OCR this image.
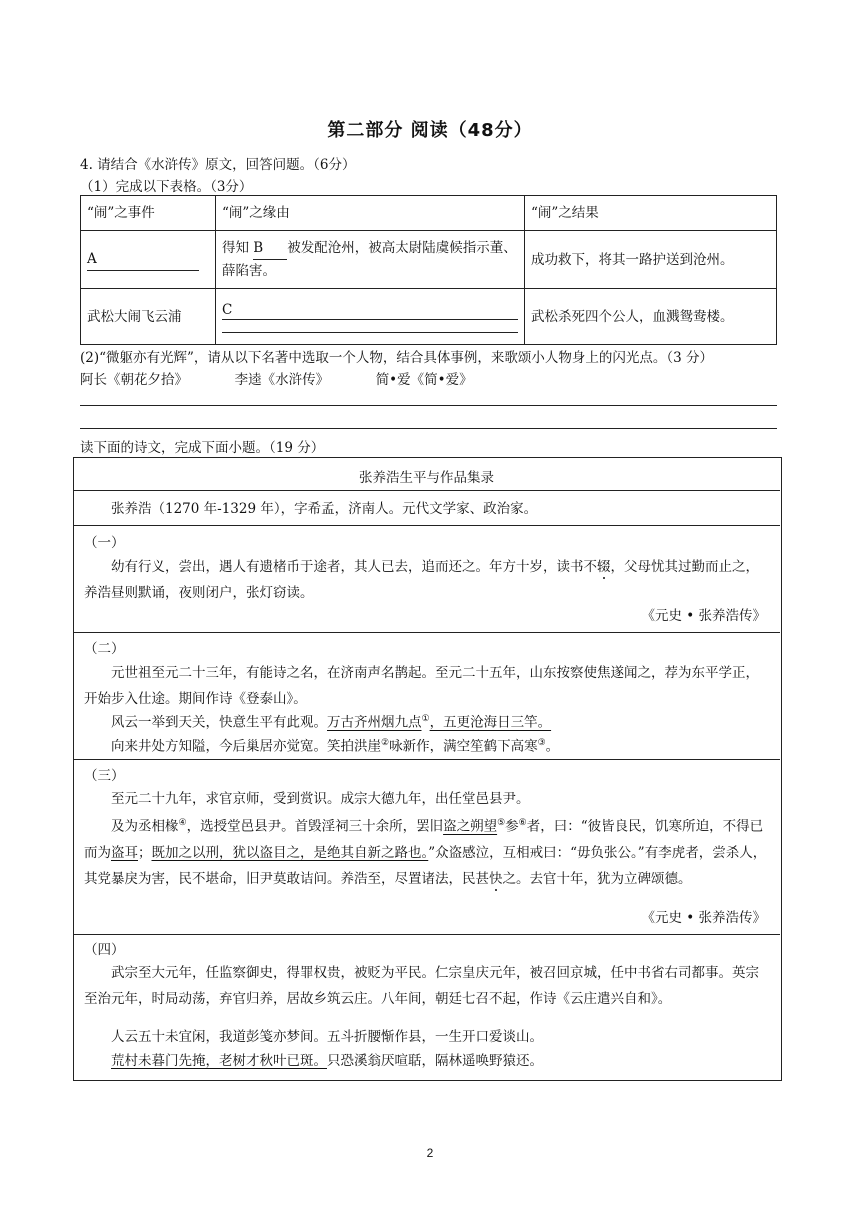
第二部分 阅读（48分）
4. 请结合《水浒传》原文，回答问题。（6分）
（1）完成以下表格。（3分）
“闹”之事件	“闹”之缘由	“闹”之结果
A	得知 B 被发配沧州，被高太尉陆虞候指示董、薛陷害。	成功救下，将其一路护送到沧州。
武松大闹飞云浦	C	武松杀死四个公人，血溅鸳鸯楼。
(2)“微躯亦有光辉”，请从以下名著中选取一个人物，结合具体事例，来歌颂小人物身上的闪光点。（3 分）
阿长《朝花夕拾》	李逵《水浒传》	简•爱《简•爱》
读下面的诗文，完成下面小题。（19 分）
张养浩生平与作品集录
张养浩（1270 年-1329 年），字希孟，济南人。元代文学家、政治家。
（一）
幼有行义，尝出，遇人有遗楮币于途者，其人已去，追而还之。年方十岁，读书不辍，父母忧其过勤而止之，养浩昼则默诵，夜则闭户，张灯窃读。
《元史 • 张养浩传》
（二）
元世祖至元二十三年，有能诗之名，在济南声名鹊起。至元二十五年，山东按察使焦遂闻之，荐为东平学正，开始步入仕途。期间作诗《登泰山》。
风云一举到天关，快意生平有此观。万古齐州烟九点①，五更沧海日三竿。
向来井处方知隘，今后巢居亦觉宽。笑拍洪崖②咏新作，满空笙鹤下高寒③。
（三）
至元二十九年，求官京师，受到赏识。成宗大德九年，出任堂邑县尹。
及为丞相椽④，选授堂邑县尹。首毁淫祠三十余所，罢旧盗之朔望⑤参⑥者，曰：“彼皆良民，饥寒所迫，不得已而为盗耳；既加之以刑，犹以盗目之，是绝其自新之路也。”众盗感泣，互相戒曰：“毋负张公。”有李虎者，尝杀人，其党暴戾为害，民不堪命，旧尹莫敢诘问。养浩至，尽置诸法，民甚快之。去官十年，犹为立碑颂德。
《元史 • 张养浩传》
（四）
武宗至大元年，任监察御史，得罪权贵，被贬为平民。仁宗皇庆元年，被召回京城，任中书省右司都事。英宗至治元年，时局动荡，弃官归养，居故乡筑云庄。八年间，朝廷七召不起，作诗《云庄遣兴自和》。
人云五十未宜闲，我道彭笺亦梦间。五斗折腰惭作县，一生开口爱谈山。
荒村未暮门先掩，老树才秋叶已斑。只恐溪翁厌喧聒，隔林遥唤野猿还。
2
